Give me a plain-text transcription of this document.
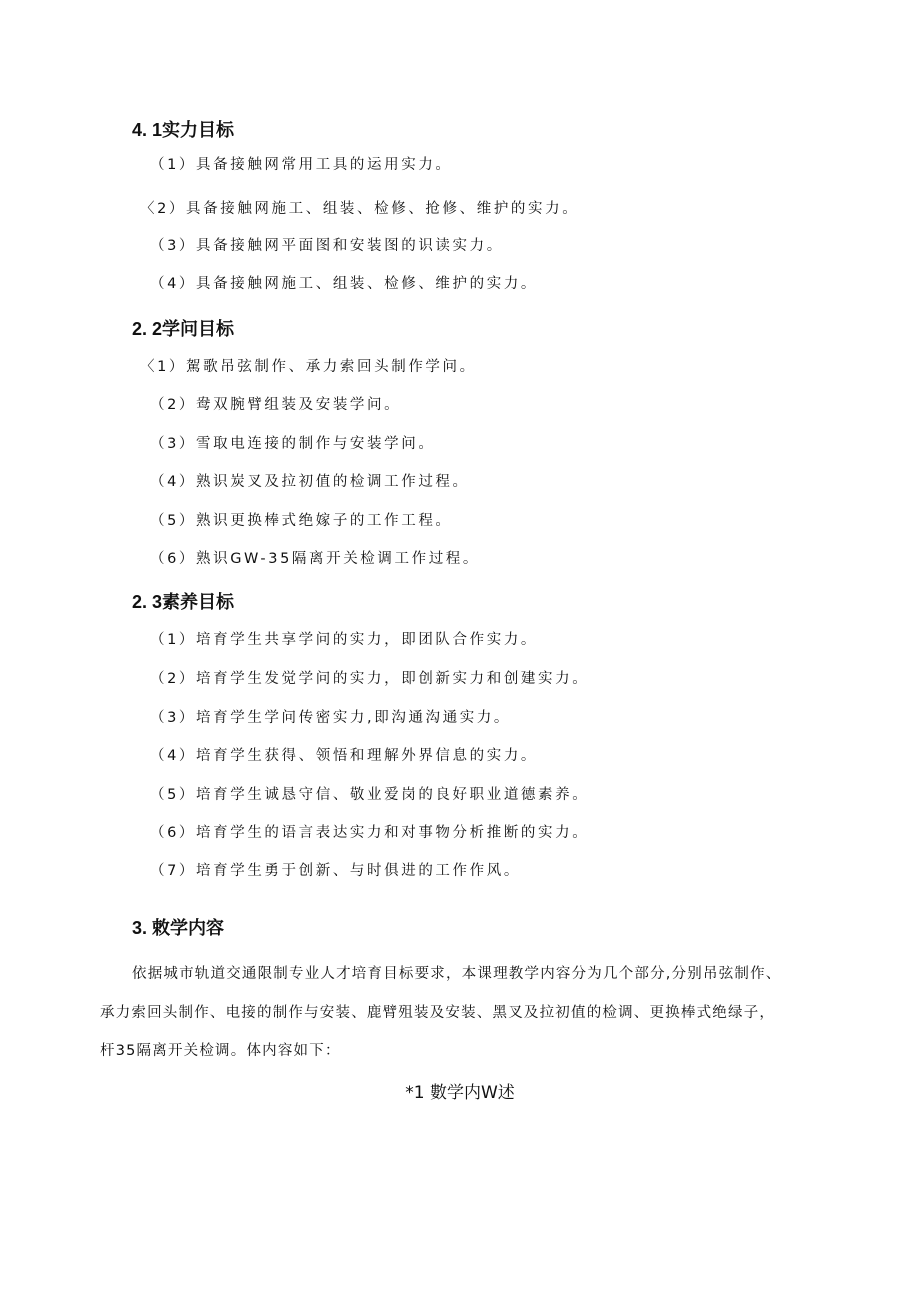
4. 1实力目标
（1）具备接触网常用工具的运用实力。
〈2）具备接触网施工、组装、检修、抢修、维护的实力。
（3）具备接触网平面图和安装图的识读实力。
（4）具备接触网施工、组装、检修、维护的实力。
2. 2学问目标
〈1）駕歌吊弦制作、承力索回头制作学问。
（2）鸯双腕臂组装及安装学问。
（3）雪取电连接的制作与安装学问。
（4）熟识炭叉及拉初值的检调工作过程。
（5）熟识更换棒式绝嫁子的工作工程。
（6）熟识GW-35隔离开关检调工作过程。
2. 3素养目标
（1）培育学生共享学问的实力，即团队合作实力。
（2）培育学生发觉学问的实力，即创新实力和创建实力。
（3）培育学生学问传密实力,即沟通沟通实力。
（4）培育学生获得、领悟和理解外界信息的实力。
（5）培育学生诚恳守信、敬业爱岗的良好职业道德素养。
（6）培育学生的语言表达实力和对事物分析推断的实力。
（7）培育学生勇于创新、与时俱进的工作作风。
3. 敕学内容
依据城市轨道交通限制专业人才培育目标要求，本课理教学内容分为几个部分,分别吊弦制作、
承力索回头制作、电接的制作与安装、鹿臂殂装及安装、黑叉及拉初值的检调、更换棒式绝绿子，
杆35隔离开关检调。体内容如下：
*1 數学内W述
